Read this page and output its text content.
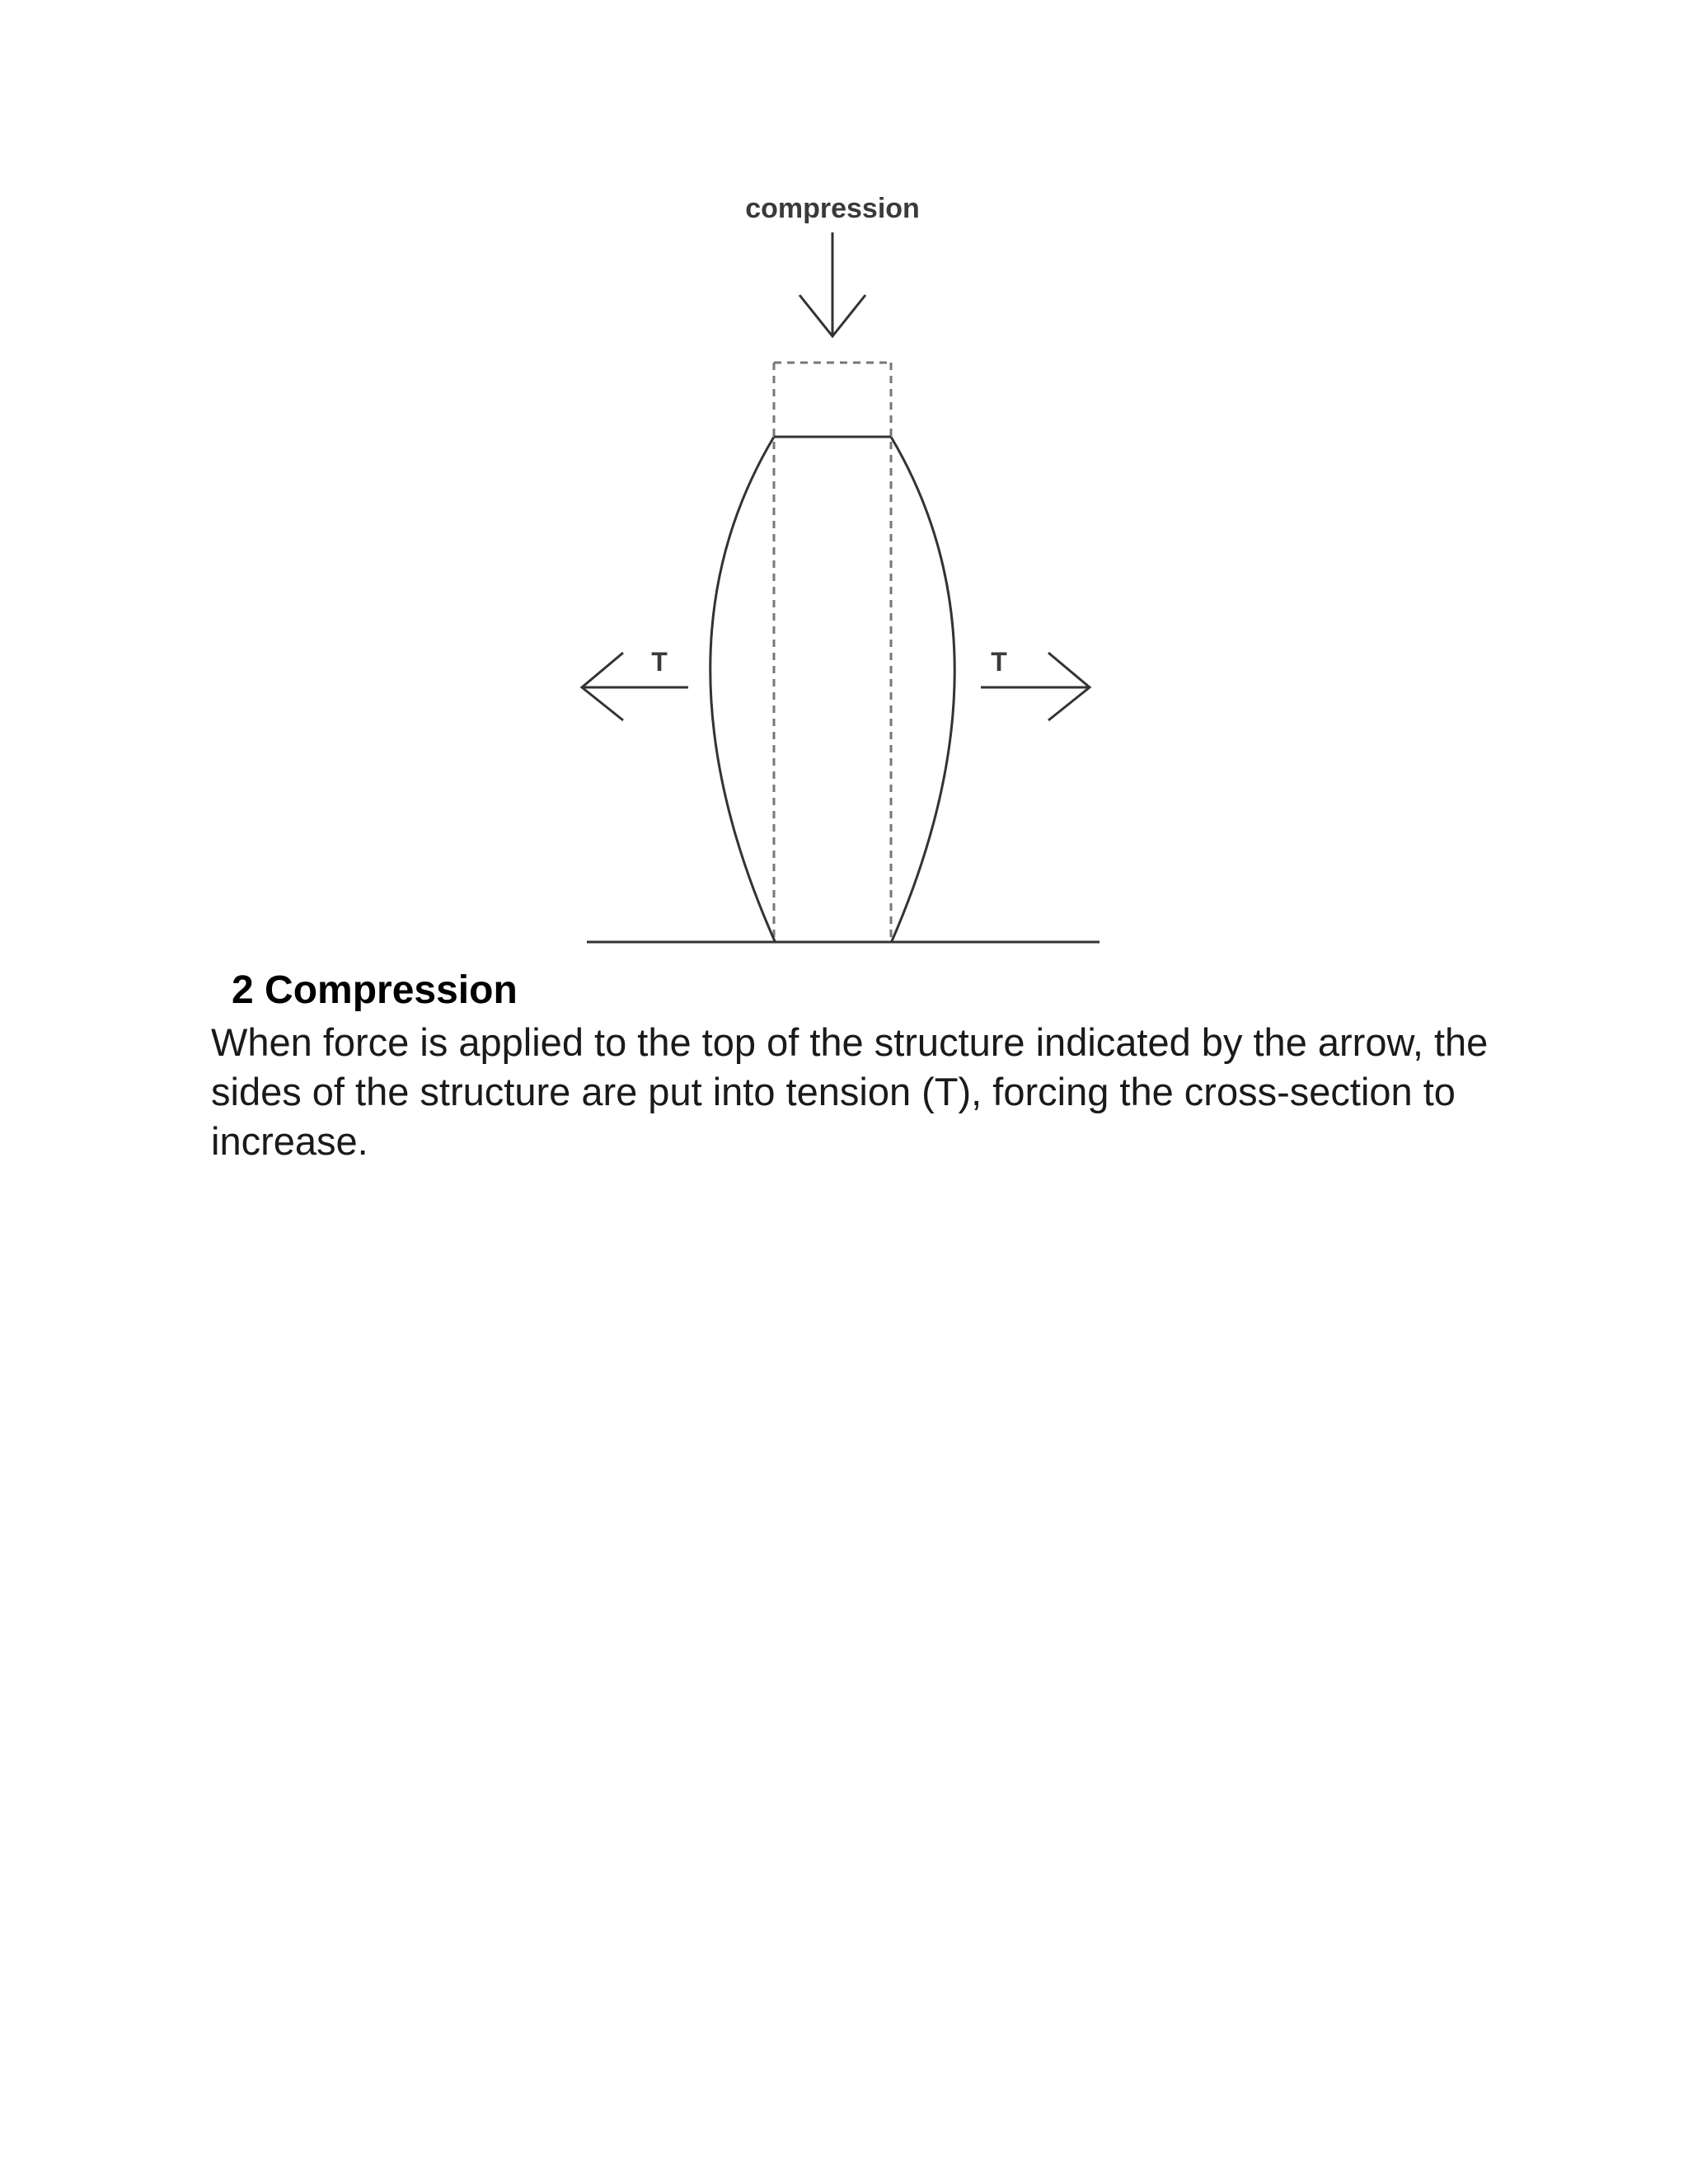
compression
T	T
2 Compression

When force is applied to the top of the structure indicated by the arrow, the sides of the structure are put into tension (T), forcing the cross-section to increase.
